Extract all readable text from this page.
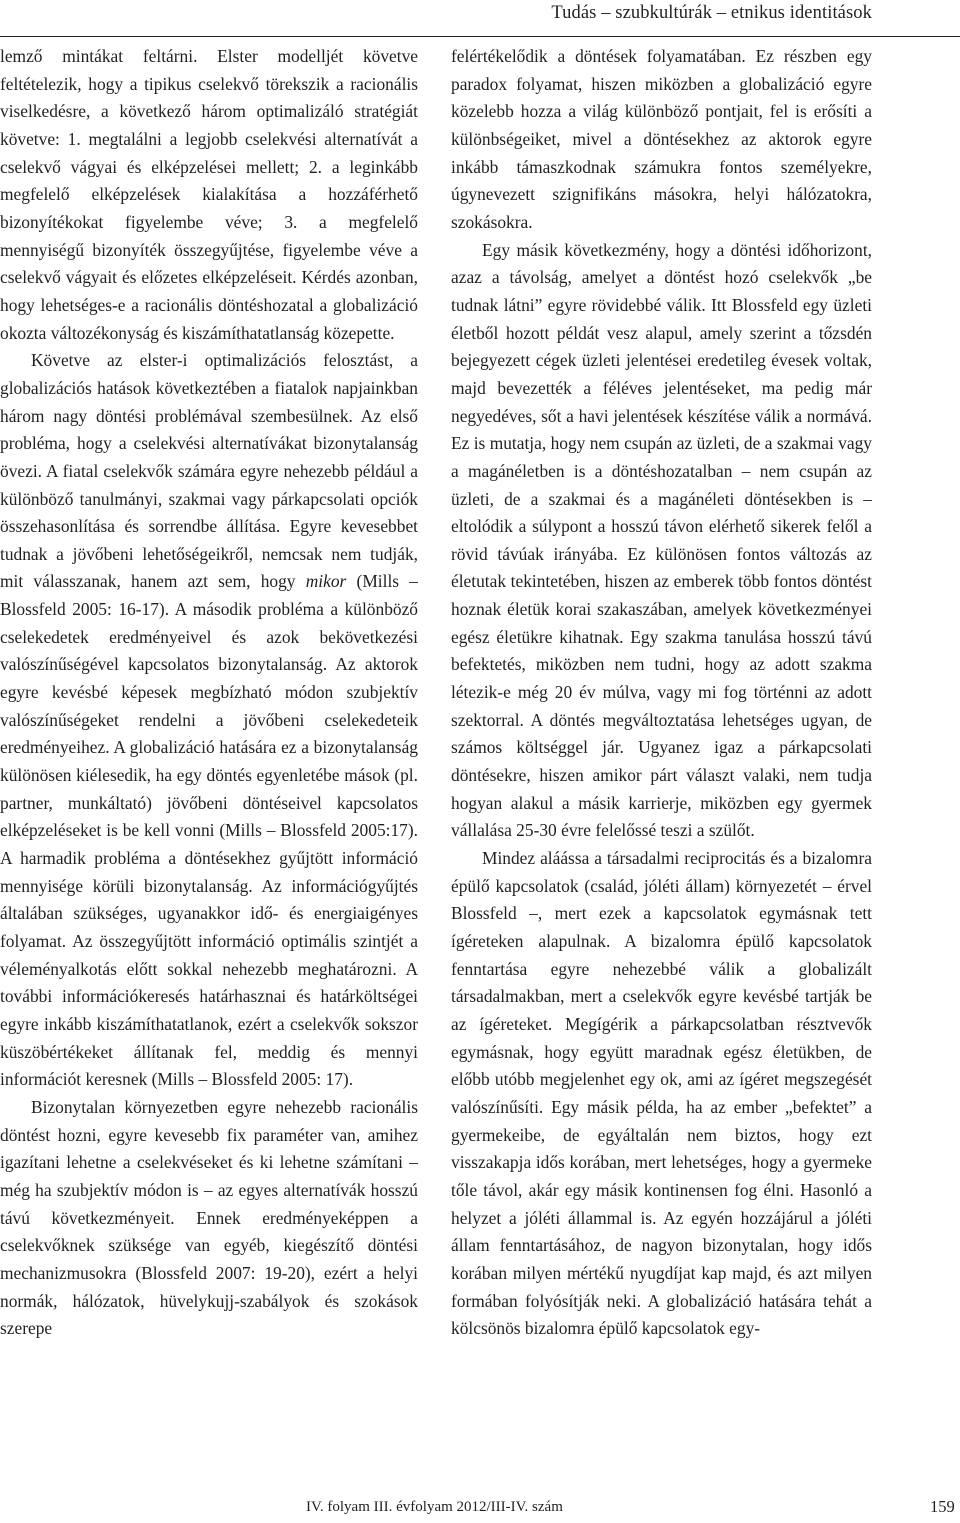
Tudás – szubkultúrák – etnikus identitások

lemző mintákat feltárni. Elster modelljét követve feltételezik, hogy a tipikus cselekvő törekszik a racionális viselkedésre, a következő három optimalizáló stratégiát követve: 1. megtalálni a legjobb cselekvési alternatívát a cselekvő vágyai és elképzelései mellett; 2. a leginkább megfelelő elképzelések kialakítása a hozzáférhető bizonyítékokat figyelembe véve; 3. a megfelelő mennyiségű bizonyíték összegyűjtése, figyelembe véve a cselekvő vágyait és előzetes elképzeléseit. Kérdés azonban, hogy lehetséges-e a racionális döntéshozatal a globalizáció okozta változékonyság és kiszámíthatatlanság közepette.

Követve az elster-i optimalizációs felosztást, a globalizációs hatások következtében a fiatalok napjainkban három nagy döntési problémával szembesülnek. Az első probléma, hogy a cselekvési alternatívákat bizonytalanság övezi. A fiatal cselekvők számára egyre nehezebb például a különböző tanulmányi, szakmai vagy párkapcsolati opciók összehasonlítása és sorrendbe állítása. Egyre kevesebbet tudnak a jövőbeni lehetőségeikről, nemcsak nem tudják, mit válasszanak, hanem azt sem, hogy mikor (Mills – Blossfeld 2005: 16-17). A második probléma a különböző cselekedetek eredményeivel és azok bekövetkezési valószínűségével kapcsolatos bizonytalanság. Az aktorok egyre kevésbé képesek megbízható módon szubjektív valószínűségeket rendelni a jövőbeni cselekedeteik eredményeihez. A globalizáció hatására ez a bizonytalanság különösen kiélesedik, ha egy döntés egyenletébe mások (pl. partner, munkáltató) jövőbeni döntéseivel kapcsolatos elképzeléseket is be kell vonni (Mills – Blossfeld 2005:17). A harmadik probléma a döntésekhez gyűjtött információ mennyisége körüli bizonytalanság. Az információgyűjtés általában szükséges, ugyanakkor idő- és energiaigényes folyamat. Az összegyűjtött információ optimális szintjét a véleményalkotás előtt sokkal nehezebb meghatározni. A további információkeresés határhasznai és határköltségei egyre inkább kiszámíthatatlanok, ezért a cselekvők sokszor küszöbértékeket állítanak fel, meddig és mennyi információt keresnek (Mills – Blossfeld 2005: 17).

Bizonytalan környezetben egyre nehezebb racionális döntést hozni, egyre kevesebb fix paraméter van, amihez igazítani lehetne a cselekvéseket és ki lehetne számítani – még ha szubjektív módon is – az egyes alternatívák hosszú távú következményeit. Ennek eredményeképpen a cselekvőknek szüksége van egyéb, kiegészítő döntési mechanizmusokra (Blossfeld 2007: 19-20), ezért a helyi normák, hálózatok, hüvelykujj-szabályok és szokások szerepe

felértékelődik a döntések folyamatában. Ez részben egy paradox folyamat, hiszen miközben a globalizáció egyre közelebb hozza a világ különböző pontjait, fel is erősíti a különbségeiket, mivel a döntésekhez az aktorok egyre inkább támaszkodnak számukra fontos személyekre, úgynevezett szignifikáns másokra, helyi hálózatokra, szokásokra.

Egy másik következmény, hogy a döntési időhorizont, azaz a távolság, amelyet a döntést hozó cselekvők „be tudnak látni” egyre rövidebbé válik. Itt Blossfeld egy üzleti életből hozott példát vesz alapul, amely szerint a tőzsdén bejegyezett cégek üzleti jelentései eredetileg évesek voltak, majd bevezették a féléves jelentéseket, ma pedig már negyedéves, sőt a havi jelentések készítése válik a normává. Ez is mutatja, hogy nem csupán az üzleti, de a szakmai vagy a magánéletben is a döntéshozatalban – nem csupán az üzleti, de a szakmai és a magánéleti döntésekben is – eltolódik a súlypont a hosszú távon elérhető sikerek felől a rövid távúak irányába. Ez különösen fontos változás az életutak tekintetében, hiszen az emberek több fontos döntést hoznak életük korai szakaszában, amelyek következményei egész életükre kihatnak. Egy szakma tanulása hosszú távú befektetés, miközben nem tudni, hogy az adott szakma létezik-e még 20 év múlva, vagy mi fog történni az adott szektorral. A döntés megváltoztatása lehetséges ugyan, de számos költséggel jár. Ugyanez igaz a párkapcsolati döntésekre, hiszen amikor párt választ valaki, nem tudja hogyan alakul a másik karrierje, miközben egy gyermek vállalása 25-30 évre felelőssé teszi a szülőt.

Mindez aláássa a társadalmi reciprocitás és a bizalomra épülő kapcsolatok (család, jóléti állam) környezetét – érvel Blossfeld –, mert ezek a kapcsolatok egymásnak tett ígéreteken alapulnak. A bizalomra épülő kapcsolatok fenntartása egyre nehezebbé válik a globalizált társadalmakban, mert a cselekvők egyre kevésbé tartják be az ígéreteket. Megígérik a párkapcsolatban résztvevők egymásnak, hogy együtt maradnak egész életükben, de előbb utóbb megjelenhet egy ok, ami az ígéret megszegését valószínűsíti. Egy másik példa, ha az ember „befektet” a gyermekeibe, de egyáltalán nem biztos, hogy ezt visszakapja idős korában, mert lehetséges, hogy a gyermeke tőle távol, akár egy másik kontinensen fog élni. Hasonló a helyzet a jóléti állammal is. Az egyén hozzájárul a jóléti állam fenntartásához, de nagyon bizonytalan, hogy idős korában milyen mértékű nyugdíjat kap majd, és azt milyen formában folyósítják neki. A globalizáció hatására tehát a kölcsönös bizalomra épülő kapcsolatok egy-

IV. folyam III. évfolyam 2012/III-IV. szám	159
